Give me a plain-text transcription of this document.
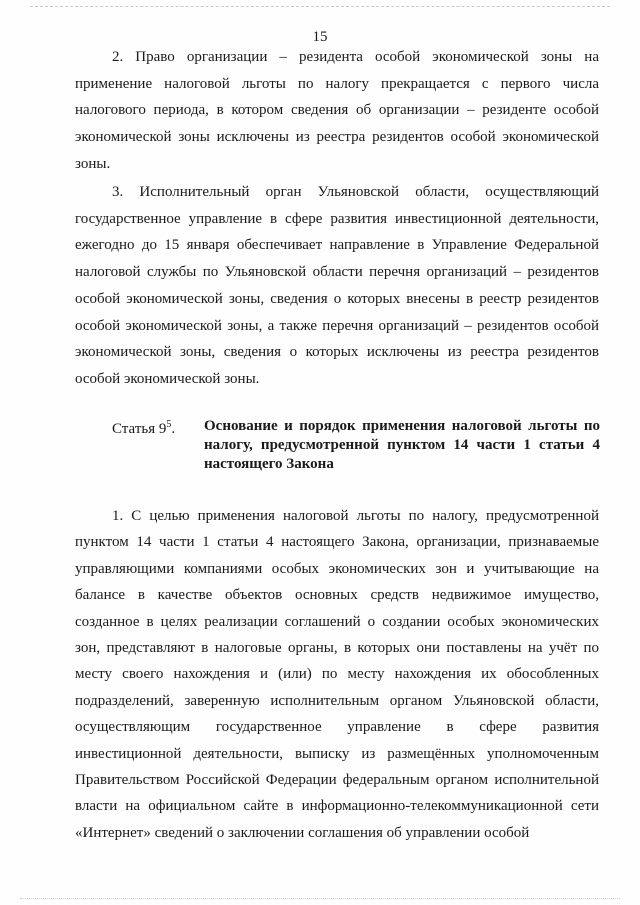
15

2. Право организации – резидента особой экономической зоны на применение налоговой льготы по налогу прекращается с первого числа налогового периода, в котором сведения об организации – резиденте особой экономической зоны исключены из реестра резидентов особой экономической зоны.

3. Исполнительный орган Ульяновской области, осуществляющий государственное управление в сфере развития инвестиционной деятельности, ежегодно до 15 января обеспечивает направление в Управление Федеральной налоговой службы по Ульяновской области перечня организаций – резидентов особой экономической зоны, сведения о которых внесены в реестр резидентов особой экономической зоны, а также перечня организаций – резидентов особой экономической зоны, сведения о которых исключены из реестра резидентов особой экономической зоны.

Статья $9^5$. Основание и порядок применения налоговой льготы по налогу, предусмотренной пунктом 14 части 1 статьи 4 настоящего Закона

1. С целью применения налоговой льготы по налогу, предусмотренной пунктом 14 части 1 статьи 4 настоящего Закона, организации, признаваемые управляющими компаниями особых экономических зон и учитывающие на балансе в качестве объектов основных средств недвижимое имущество, созданное в целях реализации соглашений о создании особых экономических зон, представляют в налоговые органы, в которых они поставлены на учёт по месту своего нахождения и (или) по месту нахождения их обособленных подразделений, заверенную исполнительным органом Ульяновской области, осуществляющим государственное управление в сфере развития инвестиционной деятельности, выписку из размещённых уполномоченным Правительством Российской Федерации федеральным органом исполнительной власти на официальном сайте в информационно-телекоммуникационной сети «Интернет» сведений о заключении соглашения об управлении особой
